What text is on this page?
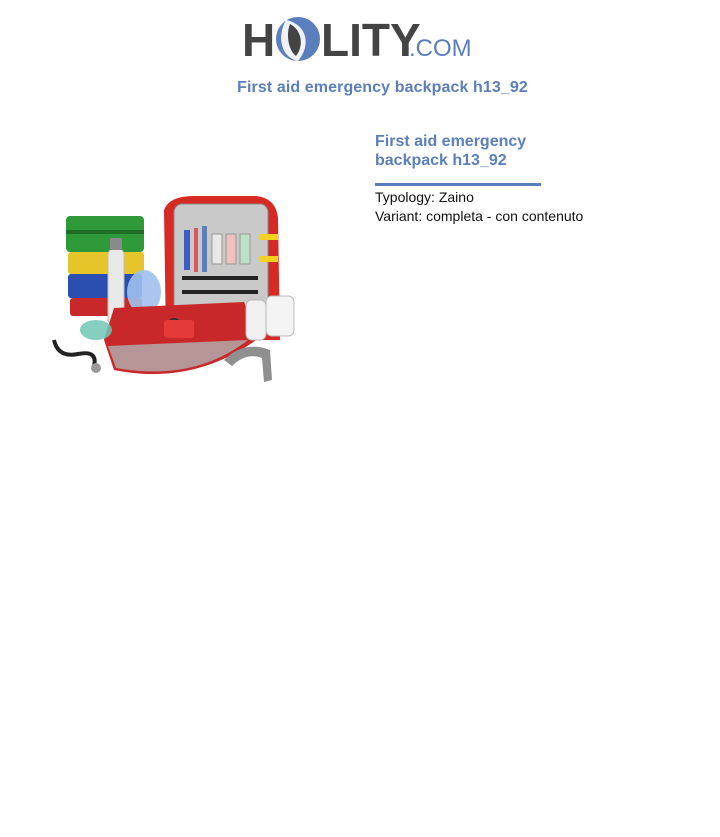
H LITY
.COM
First aid emergency backpack h13_92
First aid emergency backpack h13_92
Typology: Zaino
Variant: completa - con contenuto
